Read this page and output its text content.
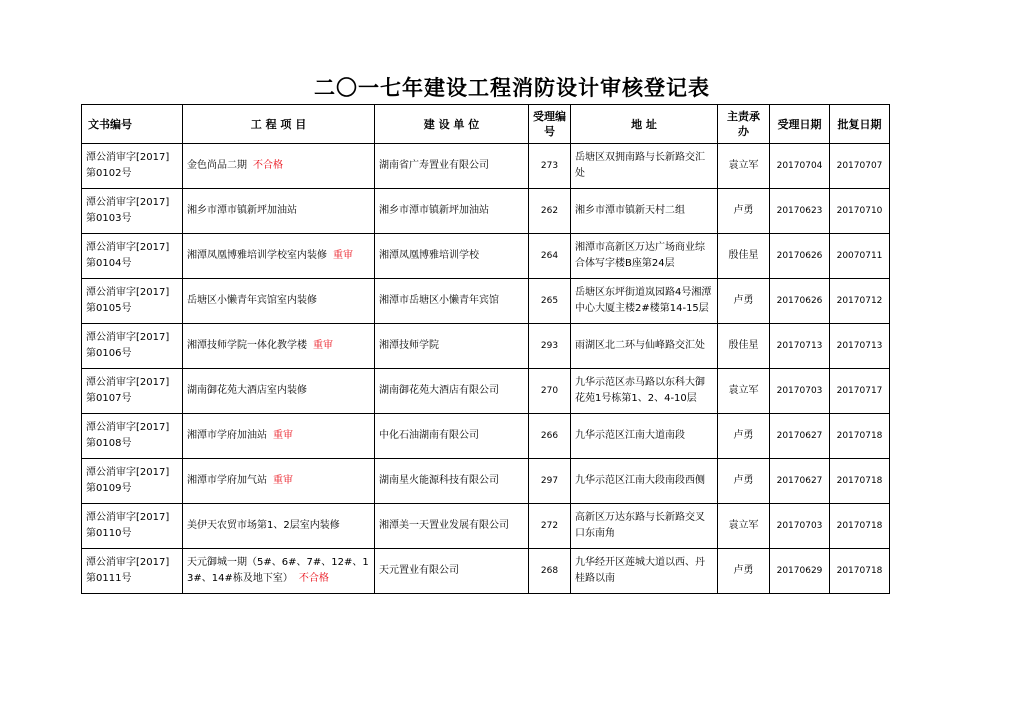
二〇一七年建设工程消防设计审核登记表
文书编号	工 程 项 目	建 设 单 位	受理编号	地 址	主责承办	受理日期	批复日期
潭公消审字[2017]第0102号	金色尚品二期 不合格	湖南省广寿置业有限公司	273	岳塘区双拥南路与长新路交汇处	袁立军	20170704	20170707
潭公消审字[2017]第0103号	湘乡市潭市镇新坪加油站	湘乡市潭市镇新坪加油站	262	湘乡市潭市镇新天村二组	卢勇	20170623	20170710
潭公消审字[2017]第0104号	湘潭凤凰博雅培训学校室内装修 重审	湘潭凤凰博雅培训学校	264	湘潭市高新区万达广场商业综合体写字楼B座第24层	殷佳星	20170626	20070711
潭公消审字[2017]第0105号	岳塘区小懒青年宾馆室内装修	湘潭市岳塘区小懒青年宾馆	265	岳塘区东坪街道岚园路4号湘潭中心大厦主楼2#楼第14-15层	卢勇	20170626	20170712
潭公消审字[2017]第0106号	湘潭技师学院一体化教学楼 重审	湘潭技师学院	293	雨湖区北二环与仙峰路交汇处	殷佳星	20170713	20170713
潭公消审字[2017]第0107号	湖南御花苑大酒店室内装修	湖南御花苑大酒店有限公司	270	九华示范区赤马路以东科大御花苑1号栋第1、2、4-10层	袁立军	20170703	20170717
潭公消审字[2017]第0108号	湘潭市学府加油站 重审	中化石油湖南有限公司	266	九华示范区江南大道南段	卢勇	20170627	20170718
潭公消审字[2017]第0109号	湘潭市学府加气站 重审	湖南星火能源科技有限公司	297	九华示范区江南大段南段西侧	卢勇	20170627	20170718
潭公消审字[2017]第0110号	美伊天农贸市场第1、2层室内装修	湘潭美一天置业发展有限公司	272	高新区万达东路与长新路交叉口东南角	袁立军	20170703	20170718
潭公消审字[2017]第0111号	天元御城一期（5#、6#、7#、12#、13#、14#栋及地下室） 不合格	天元置业有限公司	268	九华经开区莲城大道以西、丹桂路以南	卢勇	20170629	20170718
